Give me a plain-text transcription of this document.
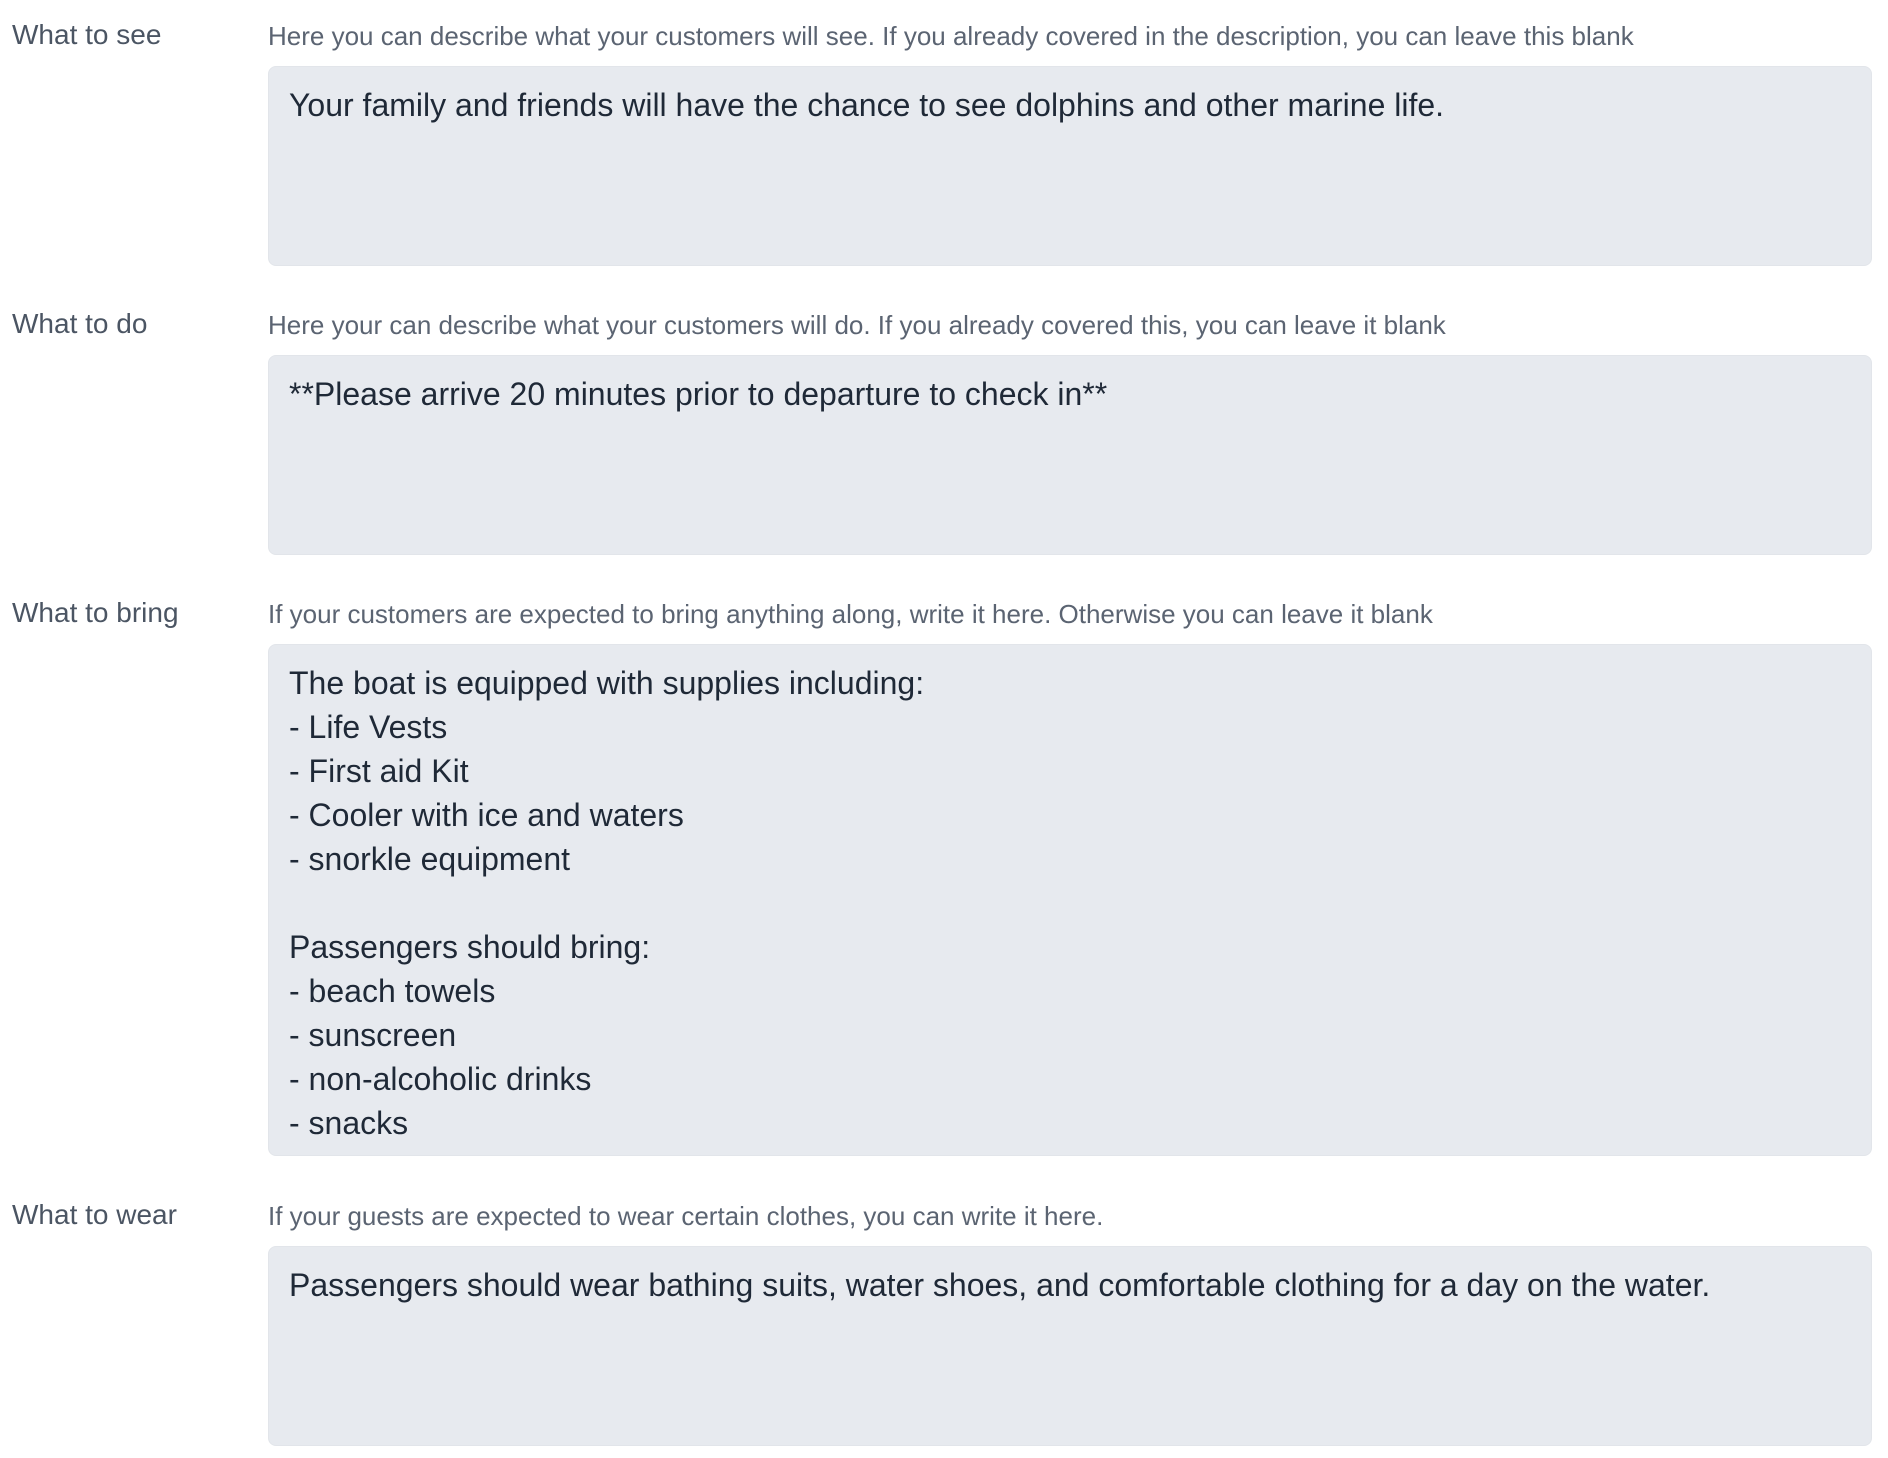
What to see	Here you can describe what your customers will see. If you already covered in the description, you can leave this blank
Your family and friends will have the chance to see dolphins and other marine life.
What to do	Here your can describe what your customers will do. If you already covered this, you can leave it blank
**Please arrive 20 minutes prior to departure to check in**
What to bring	If your customers are expected to bring anything along, write it here. Otherwise you can leave it blank
The boat is equipped with supplies including: - Life Vests - First aid Kit - Cooler with ice and waters - snorkle equipment Passengers should bring: - beach towels - sunscreen - non-alcoholic drinks - snacks
What to wear	If your guests are expected to wear certain clothes, you can write it here.
Passengers should wear bathing suits, water shoes, and comfortable clothing for a day on the water.
